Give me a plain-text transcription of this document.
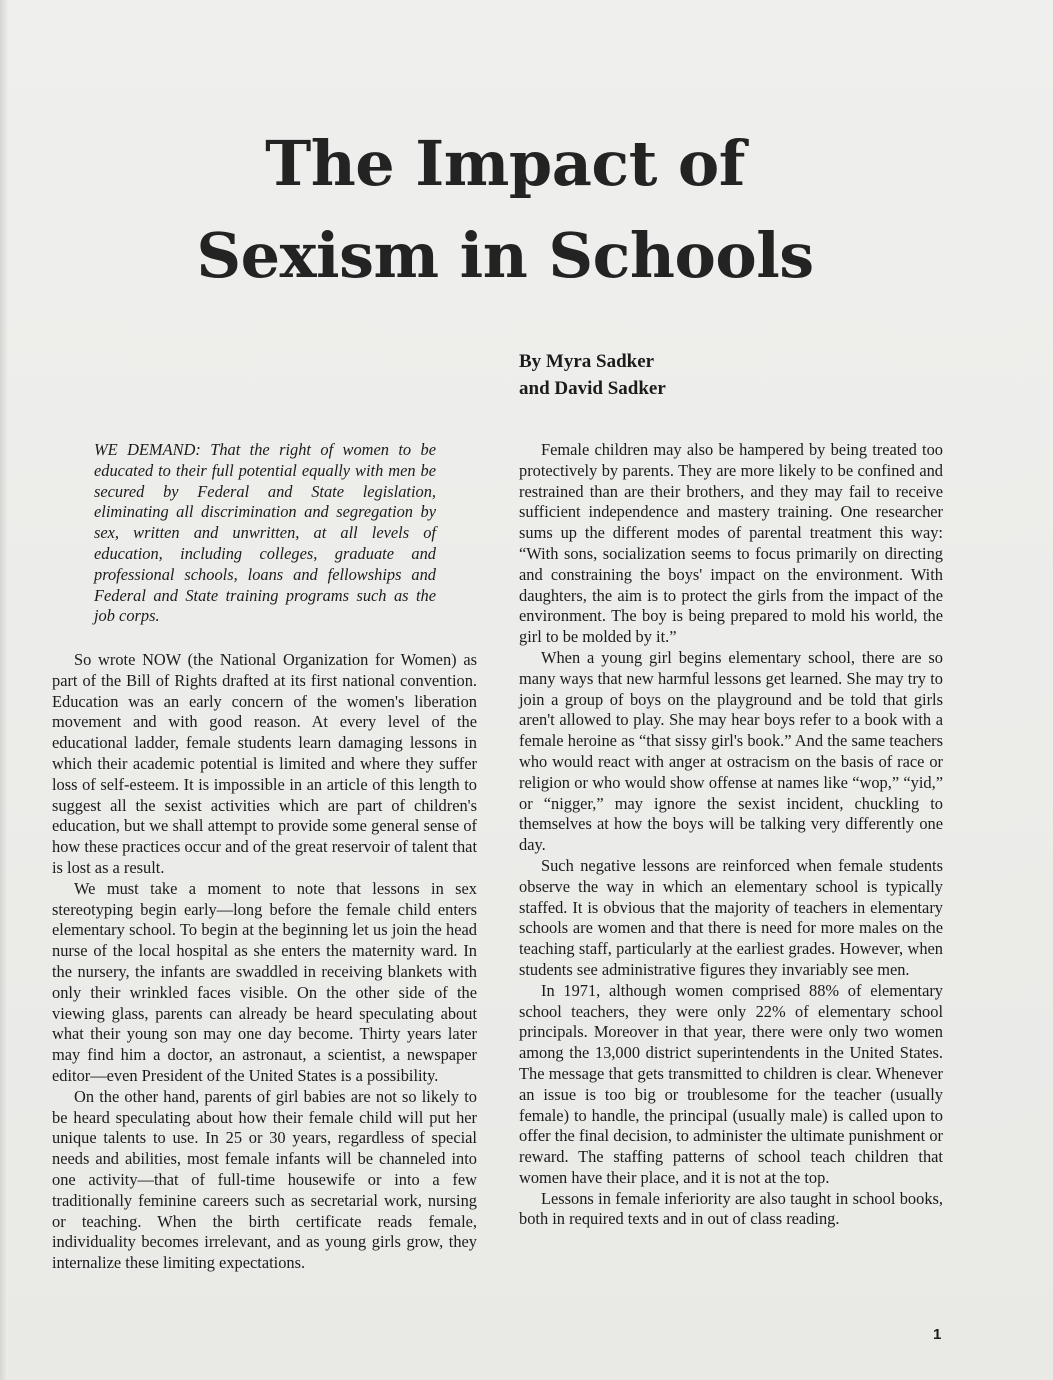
The Impact of
Sexism in Schools
By Myra Sadker
and David Sadker

WE DEMAND: That the right of women to be educated to their full potential equally with men be secured by Federal and State legislation, eliminating all discrimination and segregation by sex, written and unwritten, at all levels of education, including colleges, graduate and professional schools, loans and fellowships and Federal and State training programs such as the job corps.

So wrote NOW (the National Organization for Women) as part of the Bill of Rights drafted at its first national convention. Education was an early concern of the women's liberation movement and with good reason. At every level of the educational ladder, female students learn damaging lessons in which their academic potential is limited and where they suffer loss of self-esteem. It is impossible in an article of this length to suggest all the sexist activities which are part of children's education, but we shall attempt to provide some general sense of how these practices occur and of the great reservoir of talent that is lost as a result.

We must take a moment to note that lessons in sex stereotyping begin early—long before the female child enters elementary school. To begin at the beginning let us join the head nurse of the local hospital as she enters the maternity ward. In the nursery, the infants are swaddled in receiving blankets with only their wrinkled faces visible. On the other side of the viewing glass, parents can already be heard speculating about what their young son may one day become. Thirty years later may find him a doctor, an astronaut, a scientist, a newspaper editor—even President of the United States is a possibility.

On the other hand, parents of girl babies are not so likely to be heard speculating about how their female child will put her unique talents to use. In 25 or 30 years, regardless of special needs and abilities, most female infants will be channeled into one activity—that of full-time housewife or into a few traditionally feminine careers such as secretarial work, nursing or teaching. When the birth certificate reads female, individuality becomes irrelevant, and as young girls grow, they internalize these limiting expectations.

Female children may also be hampered by being treated too protectively by parents. They are more likely to be confined and restrained than are their brothers, and they may fail to receive sufficient independence and mastery training. One researcher sums up the different modes of parental treatment this way: “With sons, socialization seems to focus primarily on directing and constraining the boys' impact on the environment. With daughters, the aim is to protect the girls from the impact of the environment. The boy is being prepared to mold his world, the girl to be molded by it.”

When a young girl begins elementary school, there are so many ways that new harmful lessons get learned. She may try to join a group of boys on the playground and be told that girls aren't allowed to play. She may hear boys refer to a book with a female heroine as “that sissy girl's book.” And the same teachers who would react with anger at ostracism on the basis of race or religion or who would show offense at names like “wop,” “yid,” or “nigger,” may ignore the sexist incident, chuckling to themselves at how the boys will be talking very differently one day.

Such negative lessons are reinforced when female students observe the way in which an elementary school is typically staffed. It is obvious that the majority of teachers in elementary schools are women and that there is need for more males on the teaching staff, particularly at the earliest grades. However, when students see administrative figures they invariably see men.

In 1971, although women comprised 88% of elementary school teachers, they were only 22% of elementary school principals. Moreover in that year, there were only two women among the 13,000 district superintendents in the United States. The message that gets transmitted to children is clear. Whenever an issue is too big or troublesome for the teacher (usually female) to handle, the principal (usually male) is called upon to offer the final decision, to administer the ultimate punishment or reward. The staffing patterns of school teach children that women have their place, and it is not at the top.

Lessons in female inferiority are also taught in school books, both in required texts and in out of class reading.

1
